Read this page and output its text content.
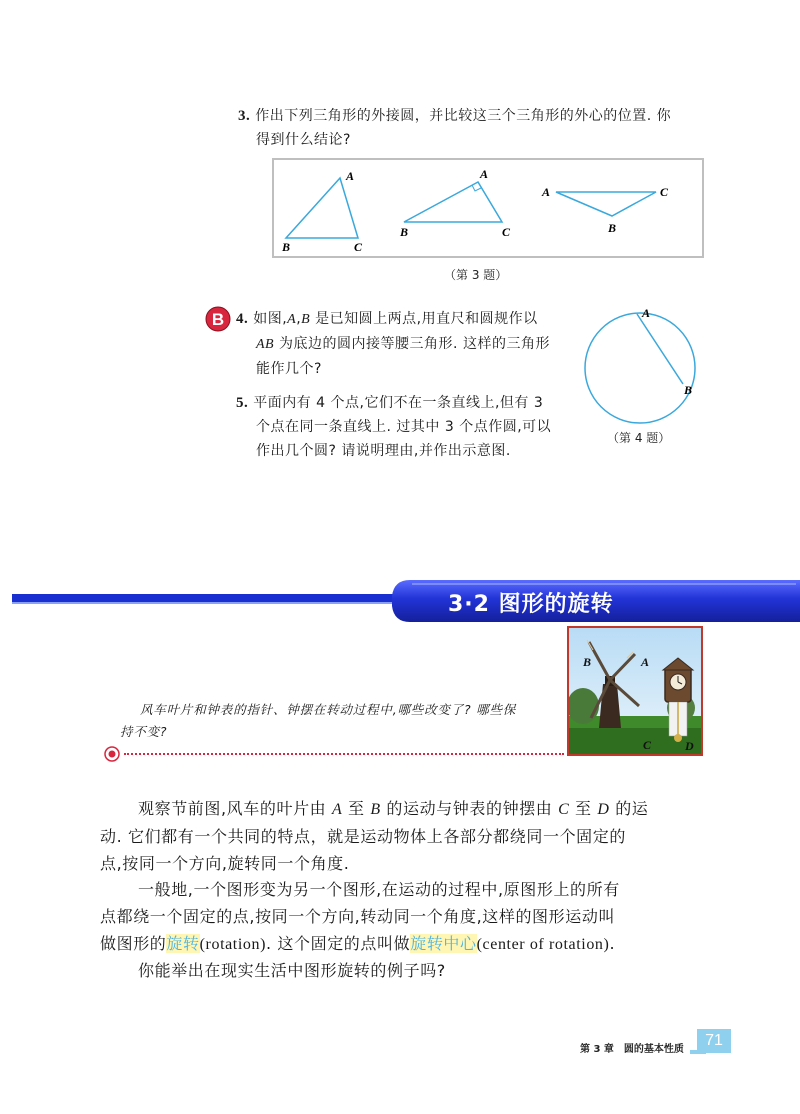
3. 作出下列三角形的外接圆，并比较这三个三角形的外心的位置. 你
得到什么结论?
A
B	C
A
B	C
A	C
B
（第 3 题）
B 4. 如图,A,B 是已知圆上两点,用直尺和圆规作以
AB 为底边的圆内接等腰三角形. 这样的三角形
能作几个?
A
B
（第 4 题）
5. 平面内有 4 个点,它们不在一条直线上,但有 3
个点在同一条直线上. 过其中 3 个点作圆,可以
作出几个圆? 请说明理由,并作出示意图.
3·2 图形的旋转
B	A
C	D
风车叶片和钟表的指针、钟摆在转动过程中,哪些改变了? 哪些保
持不变?
观察节前图,风车的叶片由 A 至 B 的运动与钟表的钟摆由 C 至 D 的运
动. 它们都有一个共同的特点，就是运动物体上各部分都绕同一个固定的
点,按同一个方向,旋转同一个角度.
一般地,一个图形变为另一个图形,在运动的过程中,原图形上的所有
点都绕一个固定的点,按同一个方向,转动同一个角度,这样的图形运动叫
做图形的旋转(rotation). 这个固定的点叫做旋转中心(center of rotation).
你能举出在现实生活中图形旋转的例子吗?
第 3 章　圆的基本性质
71
